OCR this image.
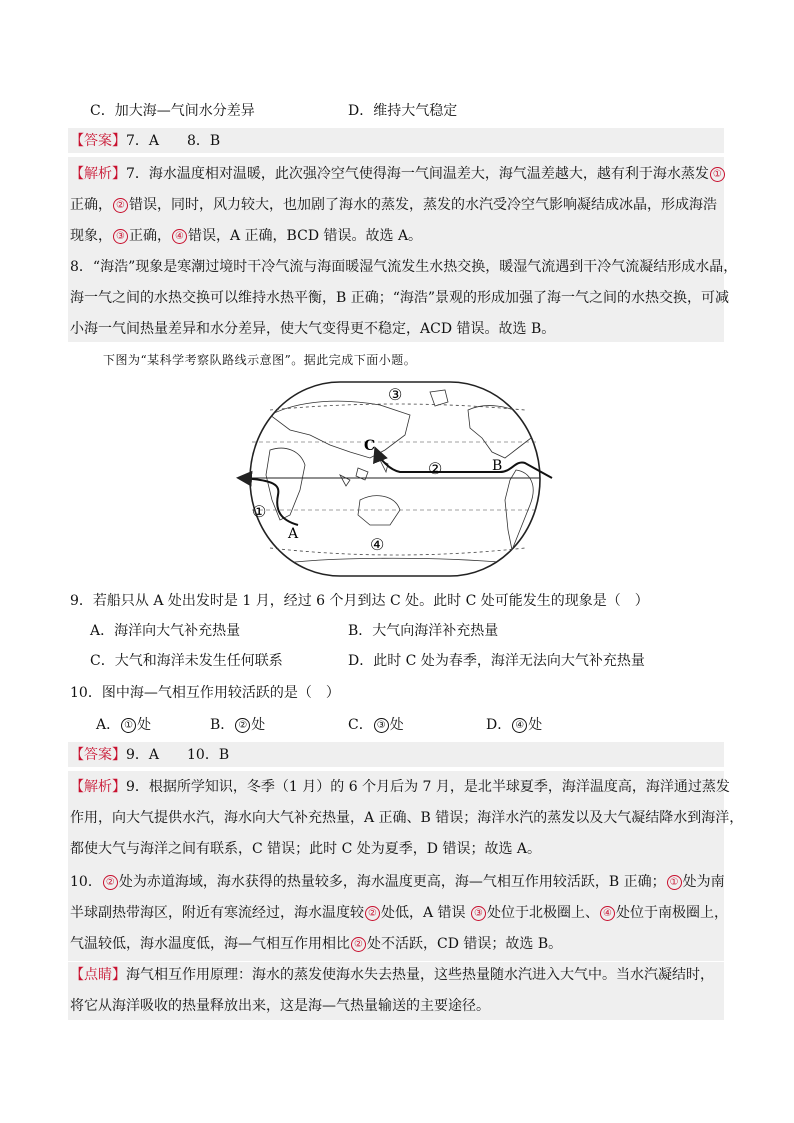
C．加大海—气间水分差异	D．维持大气稳定
【答案】7．A　　8．B
【解析】7．海水温度相对温暖，此次强冷空气使得海一气间温差大，海气温差越大，越有利于海水蒸发 ①
正确， ② 错误，同时，风力较大，也加剧了海水的蒸发，蒸发的水汽受冷空气影响凝结成冰晶，形成海浩
现象， ③ 正确， ④ 错误，A 正确，BCD 错误。故选 A。
8．“海浩”现象是寒潮过境时干冷气流与海面暖湿气流发生水热交换，暖湿气流遇到干冷气流凝结形成水晶，
海一气之间的水热交换可以维持水热平衡，B 正确；“海浩”景观的形成加强了海一气之间的水热交换，可减
小海一气间热量差异和水分差异，使大气变得更不稳定，ACD 错误。故选 B。
下图为“某科学考察队路线示意图”。据此完成下面小题。
C
B
A
③
②
①
④
9．若船只从 A 处出发时是 1 月，经过 6 个月到达 C 处。此时 C 处可能发生的现象是（　）
A．海洋向大气补充热量	B．大气向海洋补充热量
C．大气和海洋未发生任何联系	D．此时 C 处为春季，海洋无法向大气补充热量
10．图中海—气相互作用较活跃的是（　）
A． ① 处	B． ② 处	C． ③ 处	D． ④ 处
【答案】9．A　　10．B
【解析】9．根据所学知识，冬季（1 月）的 6 个月后为 7 月，是北半球夏季，海洋温度高，海洋通过蒸发
作用，向大气提供水汽，海水向大气补充热量，A 正确、B 错误；海洋水汽的蒸发以及大气凝结降水到海洋，
都使大气与海洋之间有联系，C 错误；此时 C 处为夏季，D 错误；故选 A。
10． ② 处为赤道海域，海水获得的热量较多，海水温度更高，海—气相互作用较活跃，B 正确； ① 处为南
半球副热带海区，附近有寒流经过，海水温度较 ② 处低，A 错误 ③ 处位于北极圈上、 ④ 处位于南极圈上，
气温较低，海水温度低，海—气相互作用相比 ② 处不活跃，CD 错误；故选 B。
【点睛】海气相互作用原理：海水的蒸发使海水失去热量，这些热量随水汽进入大气中。当水汽凝结时，
将它从海洋吸收的热量释放出来，这是海—气热量输送的主要途径。
